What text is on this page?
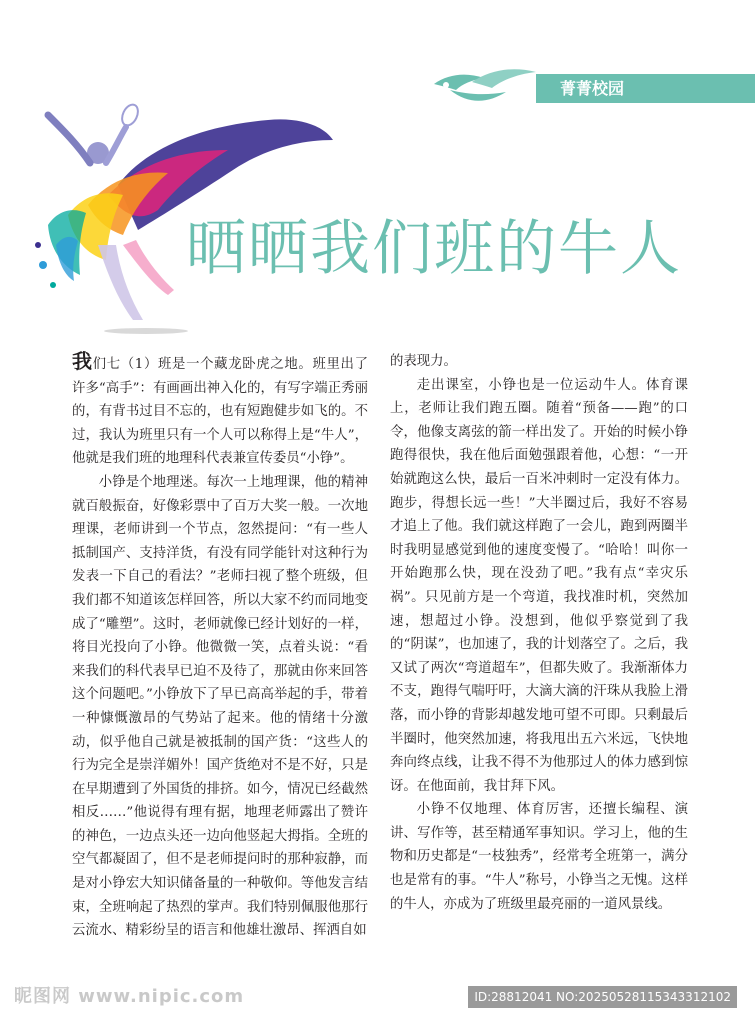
菁菁校园
晒晒我们班的牛人

我们七（1）班是一个藏龙卧虎之地。班里出了许多“高手”：有画画出神入化的，有写字端正秀丽的，有背书过目不忘的，也有短跑健步如飞的。不过，我认为班里只有一个人可以称得上是“牛人”，他就是我们班的地理科代表兼宣传委员“小铮”。

小铮是个地理迷。每次一上地理课，他的精神就百般振奋，好像彩票中了百万大奖一般。一次地理课，老师讲到一个节点，忽然提问：“有一些人抵制国产、支持洋货，有没有同学能针对这种行为发表一下自己的看法？”老师扫视了整个班级，但我们都不知道该怎样回答，所以大家不约而同地变成了“雕塑”。这时，老师就像已经计划好的一样，将目光投向了小铮。他微微一笑，点着头说：“看来我们的科代表早已迫不及待了，那就由你来回答这个问题吧。”小铮放下了早已高高举起的手，带着一种慷慨激昂的气势站了起来。他的情绪十分激动，似乎他自己就是被抵制的国产货：“这些人的行为完全是崇洋媚外！国产货绝对不是不好，只是在早期遭到了外国货的排挤。如今，情况已经截然相反……”他说得有理有据，地理老师露出了赞许的神色，一边点头还一边向他竖起大拇指。全班的空气都凝固了，但不是老师提问时的那种寂静，而是对小铮宏大知识储备量的一种敬仰。等他发言结束，全班响起了热烈的掌声。我们特别佩服他那行云流水、精彩纷呈的语言和他雄壮激昂、挥洒自如

的表现力。

走出课室，小铮也是一位运动牛人。体育课上，老师让我们跑五圈。随着“预备——跑”的口令，他像支离弦的箭一样出发了。开始的时候小铮跑得很快，我在他后面勉强跟着他，心想：“一开始就跑这么快，最后一百米冲刺时一定没有体力。跑步，得想长远一些！”大半圈过后，我好不容易才追上了他。我们就这样跑了一会儿，跑到两圈半时我明显感觉到他的速度变慢了。“哈哈！叫你一开始跑那么快，现在没劲了吧。”我有点“幸灾乐祸”。只见前方是一个弯道，我找准时机，突然加速，想超过小铮。没想到，他似乎察觉到了我的“阴谋”，也加速了，我的计划落空了。之后，我又试了两次“弯道超车”，但都失败了。我渐渐体力不支，跑得气喘吁吁，大滴大滴的汗珠从我脸上滑落，而小铮的背影却越发地可望不可即。只剩最后半圈时，他突然加速，将我甩出五六米远，飞快地奔向终点线，让我不得不为他那过人的体力感到惊讶。在他面前，我甘拜下风。

小铮不仅地理、体育厉害，还擅长编程、演讲、写作等，甚至精通军事知识。学习上，他的生物和历史都是“一枝独秀”，经常考全班第一，满分也是常有的事。“牛人”称号，小铮当之无愧。这样的牛人，亦成为了班级里最亮丽的一道风景线。

昵图网 www.nipic.com	ID:28812041 NO:20250528115343312102
